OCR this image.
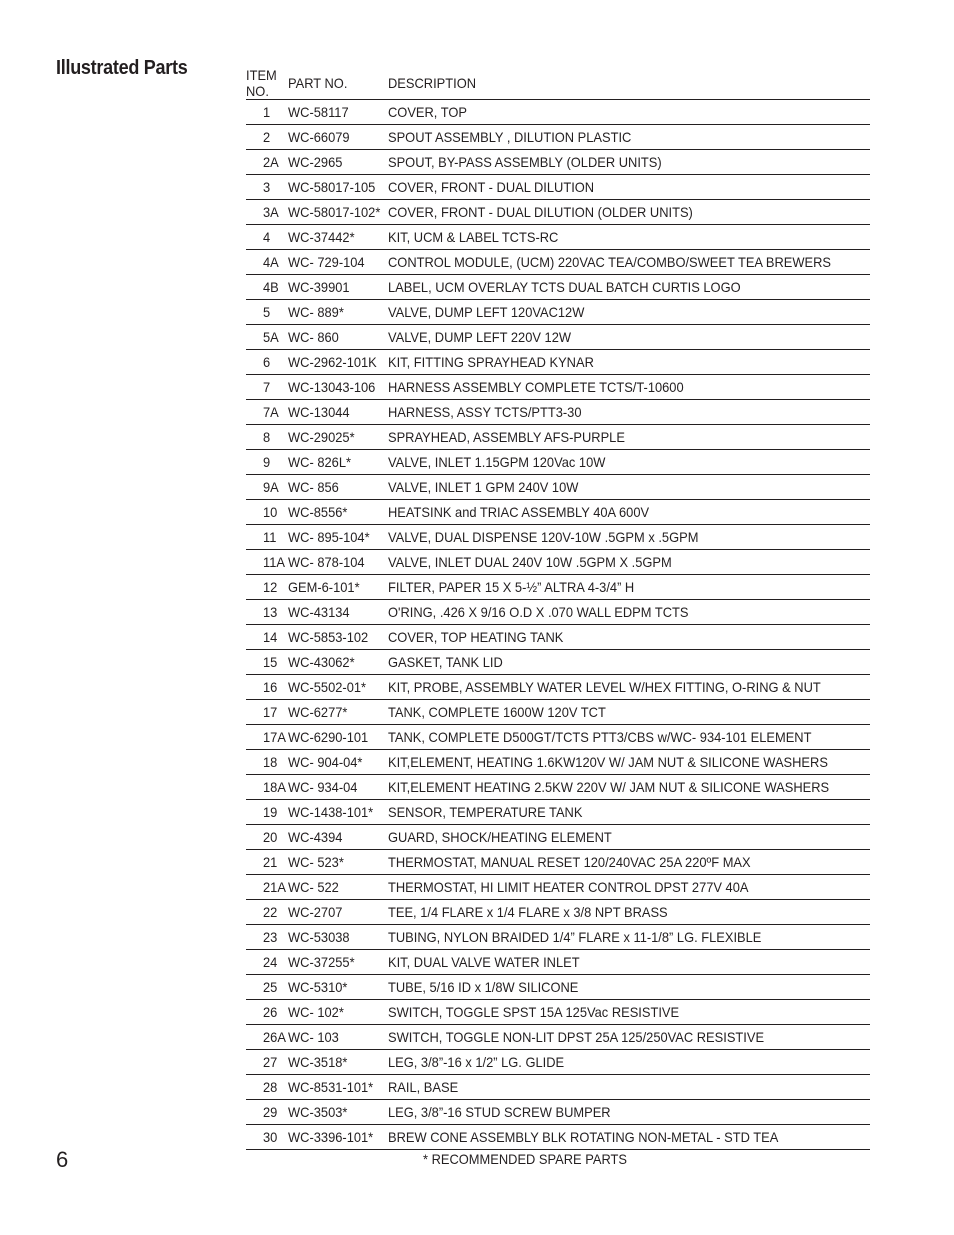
Illustrated Parts	ITEM NO.	PART NO.	DESCRIPTION
1	WC-58117	COVER, TOP
2	WC-66079	SPOUT ASSEMBLY , DILUTION PLASTIC
2A	WC-2965	SPOUT, BY-PASS ASSEMBLY (OLDER UNITS)
3	WC-58017-105	COVER, FRONT - DUAL DILUTION
3A	WC-58017-102*	COVER, FRONT - DUAL DILUTION (OLDER UNITS)
4	WC-37442*	KIT, UCM & LABEL TCTS-RC
4A	WC- 729-104	CONTROL MODULE, (UCM) 220VAC TEA/COMBO/SWEET TEA BREWERS
4B	WC-39901	LABEL, UCM OVERLAY TCTS DUAL BATCH CURTIS LOGO
5	WC- 889*	VALVE, DUMP LEFT 120VAC12W
5A	WC- 860	VALVE, DUMP LEFT 220V 12W
6	WC-2962-101K	KIT, FITTING SPRAYHEAD KYNAR
7	WC-13043-106	HARNESS ASSEMBLY COMPLETE TCTS/T-10600
7A	WC-13044	HARNESS, ASSY TCTS/PTT3-30
8	WC-29025*	SPRAYHEAD, ASSEMBLY AFS-PURPLE
9	WC- 826L*	VALVE, INLET 1.15GPM 120Vac 10W
9A	WC- 856	VALVE, INLET 1 GPM 240V 10W
10	WC-8556*	HEATSINK and TRIAC ASSEMBLY 40A 600V
11	WC- 895-104*	VALVE, DUAL DISPENSE 120V-10W .5GPM x .5GPM
11A	WC- 878-104	VALVE, INLET DUAL 240V 10W .5GPM X .5GPM
12	GEM-6-101*	FILTER, PAPER 15 X 5-½” ALTRA 4-3/4” H
13	WC-43134	O'RING, .426 X 9/16 O.D X .070 WALL EDPM TCTS
14	WC-5853-102	COVER, TOP HEATING TANK
15	WC-43062*	GASKET, TANK LID
16	WC-5502-01*	KIT, PROBE, ASSEMBLY WATER LEVEL W/HEX FITTING, O-RING & NUT
17	WC-6277*	TANK, COMPLETE 1600W 120V TCT
17A	WC-6290-101	TANK, COMPLETE D500GT/TCTS PTT3/CBS w/WC- 934-101 ELEMENT
18	WC- 904-04*	KIT,ELEMENT, HEATING 1.6KW120V W/ JAM NUT & SILICONE WASHERS
18A	WC- 934-04	KIT,ELEMENT HEATING 2.5KW 220V W/ JAM NUT & SILICONE WASHERS
19	WC-1438-101*	SENSOR, TEMPERATURE TANK
20	WC-4394	GUARD, SHOCK/HEATING ELEMENT
21	WC- 523*	THERMOSTAT, MANUAL RESET 120/240VAC 25A 220ºF MAX
21A	WC- 522	THERMOSTAT, HI LIMIT HEATER CONTROL DPST 277V 40A
22	WC-2707	TEE, 1/4 FLARE x 1/4 FLARE x 3/8 NPT BRASS
23	WC-53038	TUBING, NYLON BRAIDED 1/4” FLARE x 11-1/8” LG. FLEXIBLE
24	WC-37255*	KIT, DUAL VALVE WATER INLET
25	WC-5310*	TUBE, 5/16 ID x 1/8W SILICONE
26	WC- 102*	SWITCH, TOGGLE SPST 15A 125Vac RESISTIVE
26A	WC- 103	SWITCH, TOGGLE NON-LIT DPST 25A 125/250VAC RESISTIVE
27	WC-3518*	LEG, 3/8”-16 x 1/2” LG. GLIDE
28	WC-8531-101*	RAIL, BASE
29	WC-3503*	LEG, 3/8”-16 STUD SCREW BUMPER
30	WC-3396-101*	BREW CONE ASSEMBLY BLK ROTATING NON-METAL - STD TEA
* RECOMMENDED SPARE PARTS
6
